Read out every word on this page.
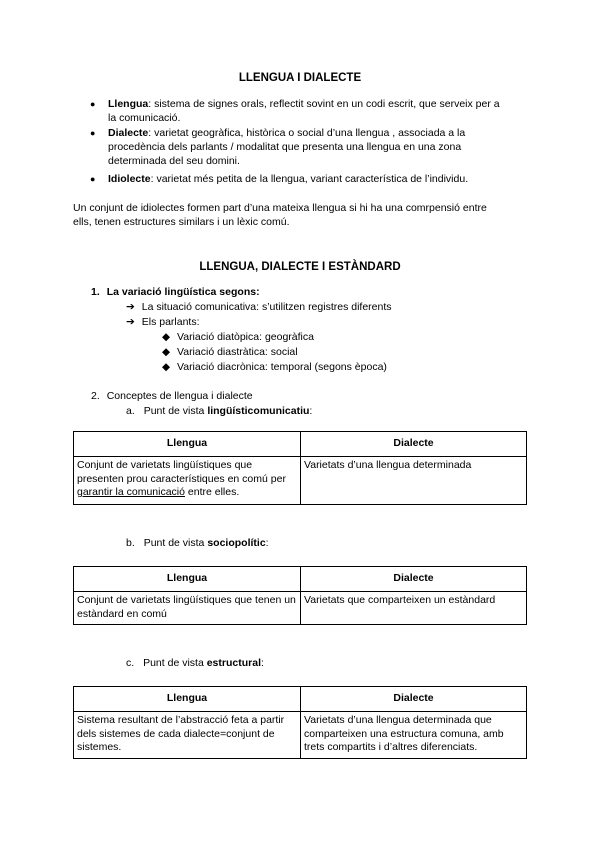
LLENGUA I DIALECTE
● Llengua: sistema de signes orals, reflectit sovint en un codi escrit, que serveix per a
la comunicació.
● Dialecte: varietat geogràfica, històrica o social d’una llengua , associada a la
procedència dels parlants / modalitat que presenta una llengua en una zona
determinada del seu domini.
● Idiolecte: varietat més petita de la llengua, variant característica de l’individu.
Un conjunt de idiolectes formen part d’una mateixa llengua si hi ha una comrpensió entre
ells, tenen estructures similars i un lèxic comú.
LLENGUA, DIALECTE I ESTÀNDARD
1. La variació lingüística segons:
➔ La situació comunicativa: s’utilitzen registres diferents
➔ Els parlants:
◆ Variació diatòpica: geogràfica
◆ Variació diastràtica: social
◆ Variació diacrònica: temporal (segons època)
2. Conceptes de llengua i dialecte
a. Punt de vista lingüísticomunicatiu:
Llengua	Dialecte
Conjunt de varietats lingüístiques que presenten prou característiques en comú per garantir la comunicació entre elles.	Varietats d’una llengua determinada
b. Punt de vista sociopolític:
Llengua	Dialecte
Conjunt de varietats lingüístiques que tenen un estàndard en comú	Varietats que comparteixen un estàndard
c. Punt de vista estructural:
Llengua	Dialecte
Sistema resultant de l’abstracció feta a partir dels sistemes de cada dialecte=conjunt de sistemes.	Varietats d’una llengua determinada que comparteixen una estructura comuna, amb trets compartits i d’altres diferenciats.
